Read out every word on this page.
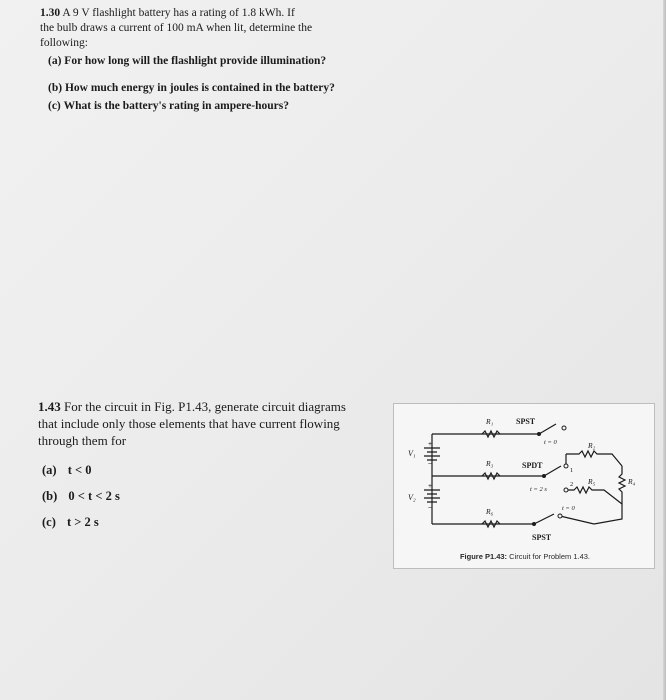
1.30 A 9 V flashlight battery has a rating of 1.8 kWh. If
the bulb draws a current of 100 mA when lit, determine the
following:
(a) For how long will the flashlight provide illumination?
(b) How much energy in joules is contained in the battery?
(c) What is the battery's rating in ampere-hours?
1.43 For the circuit in Fig. P1.43, generate circuit diagrams
that include only those elements that have current flowing
through them for
(a) t < 0
(b) 0 < t < 2 s
(c) t > 2 s
V₁
V₂
+
−
+
−
R₁
R₃
R₆
R₂
R₄
R₅
SPST
SPDT
SPST
t = 0
t = 2 s
t = 0
1
2
Figure P1.43: Circuit for Problem 1.43.
